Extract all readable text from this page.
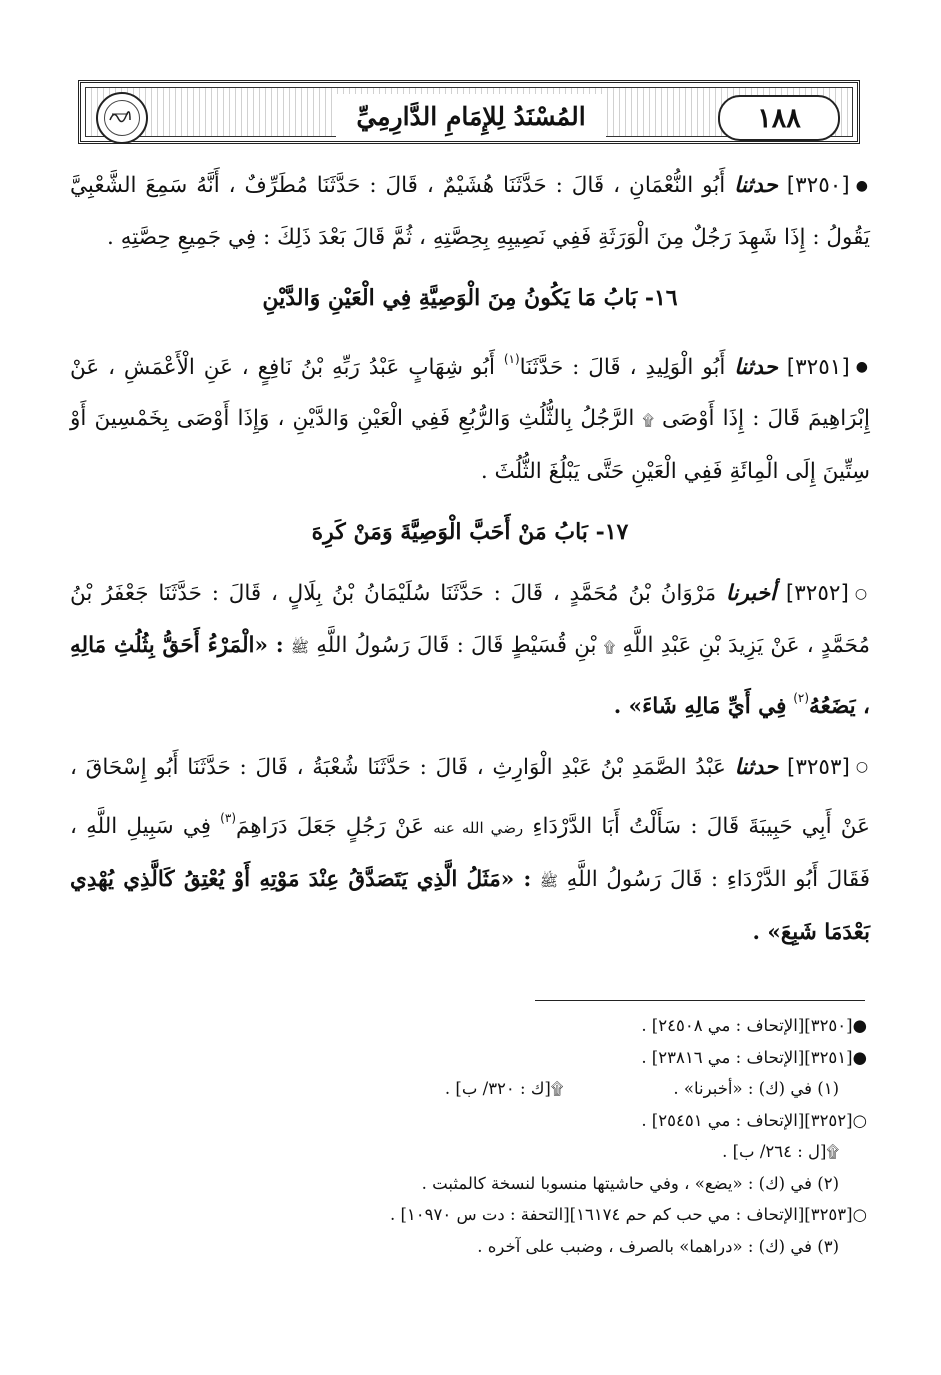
المُسْنَدُ لِلإِمَامِ الدَّارِمِيِّ	١٨٨

●[٣٢٥٠] حدثنا أَبُو النُّعْمَانِ ، قَالَ : حَدَّثَنَا هُشَيْمٌ ، قَالَ : حَدَّثَنَا مُطَرِّفٌ ، أَنَّهُ سَمِعَ الشَّعْبِيَّ يَقُولُ : إِذَا شَهِدَ رَجُلٌ مِنَ الْوَرَثَةِ فَفِي نَصِيبِهِ بِحِصَّتِهِ ، ثُمَّ قَالَ بَعْدَ ذَلِكَ : فِي جَمِيعِ حِصَّتِهِ .

١٦- بَابُ مَا يَكُونُ مِنَ الْوَصِيَّةِ فِي الْعَيْنِ وَالدَّيْنِ

●[٣٢٥١] حدثنا أَبُو الْوَلِيدِ ، قَالَ : حَدَّثَنَا$^{(١)}$ أَبُو شِهَابٍ عَبْدُ رَبِّهِ بْنُ نَافِعٍ ، عَنِ الْأَعْمَشِ ، عَنْ إِبْرَاهِيمَ قَالَ : إِذَا أَوْصَى ۩ الرَّجُلُ بِالثُّلُثِ وَالرُّبُعِ فَفِي الْعَيْنِ وَالدَّيْنِ ، وَإِذَا أَوْصَى بِخَمْسِينَ أَوْ سِتِّينَ إِلَى الْمِائَةِ فَفِي الْعَيْنِ حَتَّى يَبْلُغَ الثُّلُثَ .

١٧- بَابُ مَنْ أَحَبَّ الْوَصِيَّةَ وَمَنْ كَرِهَ

○[٣٢٥٢] أخبرنا مَرْوَانُ بْنُ مُحَمَّدٍ ، قَالَ : حَدَّثَنَا سُلَيْمَانُ بْنُ بِلَالٍ ، قَالَ : حَدَّثَنَا جَعْفَرُ بْنُ مُحَمَّدٍ ، عَنْ يَزِيدَ بْنِ عَبْدِ اللَّهِ ۩ بْنِ قُسَيْطٍ قَالَ : قَالَ رَسُولُ اللَّهِ ﷺ : «الْمَرْءُ أَحَقُّ بِثُلُثِ مَالِهِ ، يَضَعُهُ$^{(٢)}$ فِي أَيِّ مَالِهِ شَاءَ» .

○[٣٢٥٣] حدثنا عَبْدُ الصَّمَدِ بْنُ عَبْدِ الْوَارِثِ ، قَالَ : حَدَّثَنَا شُعْبَةُ ، قَالَ : حَدَّثَنَا أَبُو إِسْحَاقَ ، عَنْ أَبِي حَبِيبَةَ قَالَ : سَأَلْتُ أَبَا الدَّرْدَاءِ رضي الله عنه عَنْ رَجُلٍ جَعَلَ دَرَاهِمَ$^{(٣)}$ فِي سَبِيلِ اللَّهِ ، فَقَالَ أَبُو الدَّرْدَاءِ : قَالَ رَسُولُ اللَّهِ ﷺ : «مَثَلُ الَّذِي يَتَصَدَّقُ عِنْدَ مَوْتِهِ أَوْ يُعْتِقُ كَالَّذِي يُهْدِي بَعْدَمَا شَبِعَ» .

●[٣٢٥٠][الإتحاف : مي ٢٤٥٠٨] .
●[٣٢٥١][الإتحاف : مي ٢٣٨١٦] .
(١) في (ك) : «أخبرنا» .۩[ك : ٣٢٠/ ب] .
○[٣٢٥٢][الإتحاف : مي ٢٥٤٥١] .
۩[ل : ٢٦٤/ ب] .
(٢) في (ك) : «يضع» ، وفي حاشيتها منسوبا لنسخة كالمثبت .
○[٣٢٥٣][الإتحاف : مي حب كم حم ١٦١٧٤][التحفة : دت س ١٠٩٧٠] .
(٣) في (ك) : «دراهما» بالصرف ، وضبب على آخره .
